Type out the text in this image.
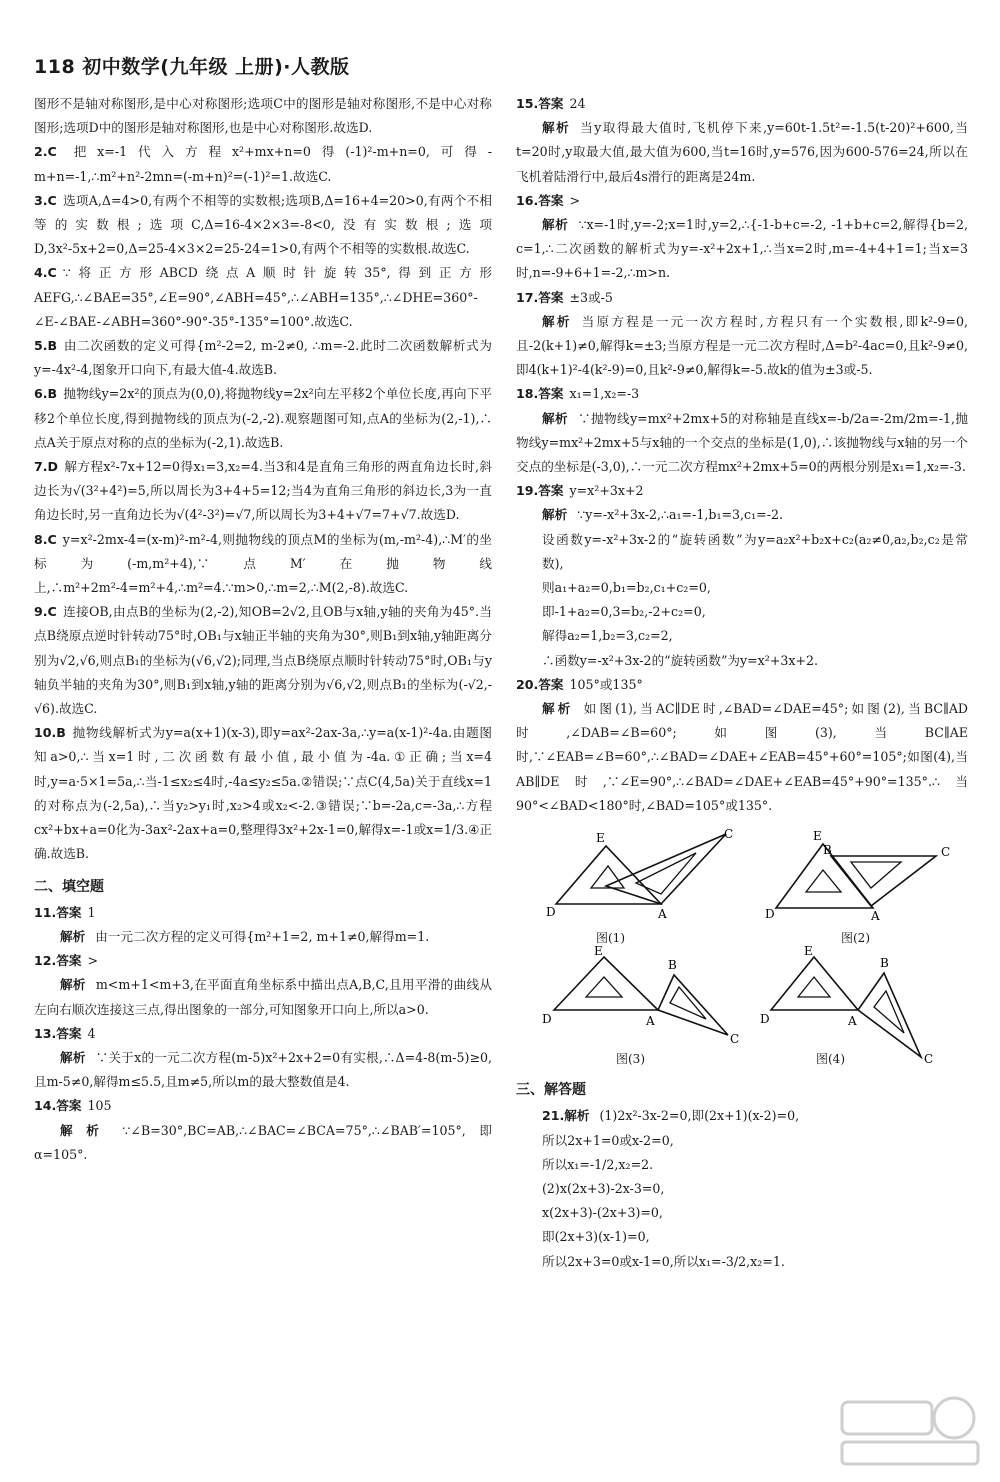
118 初中数学(九年级 上册)·人教版

图形不是轴对称图形,是中心对称图形;选项C中的图形是轴对称图形,不是中心对称图形;选项D中的图形是轴对称图形,也是中心对称图形.故选D.

2.C 把x=-1代入方程x²+mx+n=0得(-1)²-m+n=0,可得-m+n=-1,∴m²+n²-2mn=(-m+n)²=(-1)²=1.故选C.

3.C 选项A,Δ=4>0,有两个不相等的实数根;选项B,Δ=16+4=20>0,有两个不相等的实数根;选项C,Δ=16-4×2×3=-8<0,没有实数根;选项D,3x²-5x+2=0,Δ=25-4×3×2=25-24=1>0,有两个不相等的实数根.故选C.

4.C ∵将正方形ABCD绕点A顺时针旋转35°,得到正方形AEFG,∴∠BAE=35°,∠E=90°,∠ABH=45°,∴∠ABH=135°,∴∠DHE=360°-∠E-∠BAE-∠ABH=360°-90°-35°-135°=100°.故选C.

5.B 由二次函数的定义可得{m²-2=2, m-2≠0, ∴m=-2.此时二次函数解析式为y=-4x²-4,图象开口向下,有最大值-4.故选B.

6.B 抛物线y=2x²的顶点为(0,0),将抛物线y=2x²向左平移2个单位长度,再向下平移2个单位长度,得到抛物线的顶点为(-2,-2).观察题图可知,点A的坐标为(2,-1),∴点A关于原点对称的点的坐标为(-2,1).故选B.

7.D 解方程x²-7x+12=0得x₁=3,x₂=4.当3和4是直角三角形的两直角边长时,斜边长为√(3²+4²)=5,所以周长为3+4+5=12;当4为直角三角形的斜边长,3为一直角边长时,另一直角边长为√(4²-3²)=√7,所以周长为3+4+√7=7+√7.故选D.

8.C y=x²-2mx-4=(x-m)²-m²-4,则抛物线的顶点M的坐标为(m,-m²-4),∴M′的坐标为(-m,m²+4),∵点M′在抛物线上,∴m²+2m²-4=m²+4,∴m²=4.∵m>0,∴m=2,∴M(2,-8).故选C.

9.C 连接OB,由点B的坐标为(2,-2),知OB=2√2,且OB与x轴,y轴的夹角为45°.当点B绕原点逆时针转动75°时,OB₁与x轴正半轴的夹角为30°,则B₁到x轴,y轴距离分别为√2,√6,则点B₁的坐标为(√6,√2);同理,当点B绕原点顺时针转动75°时,OB₁与y轴负半轴的夹角为30°,则B₁到x轴,y轴的距离分别为√6,√2,则点B₁的坐标为(-√2,-√6).故选C.

10.B 抛物线解析式为y=a(x+1)(x-3),即y=ax²-2ax-3a,∴y=a(x-1)²-4a.由题图知a>0,∴当x=1时,二次函数有最小值,最小值为-4a.①正确;当x=4时,y=a·5×1=5a,∴当-1≤x₂≤4时,-4a≤y₂≤5a.②错误;∵点C(4,5a)关于直线x=1的对称点为(-2,5a),∴当y₂>y₁时,x₂>4或x₂<-2.③错误;∵b=-2a,c=-3a,∴方程cx²+bx+a=0化为-3ax²-2ax+a=0,整理得3x²+2x-1=0,解得x=-1或x=1/3.④正确.故选B.

二、填空题

11.答案 1

解析 由一元二次方程的定义可得{m²+1=2, m+1≠0,解得m=1.

12.答案 >

解析 m<m+1<m+3,在平面直角坐标系中描出点A,B,C,且用平滑的曲线从左向右顺次连接这三点,得出图象的一部分,可知图象开口向上,所以a>0.

13.答案 4

解析 ∵关于x的一元二次方程(m-5)x²+2x+2=0有实根,∴Δ=4-8(m-5)≥0,且m-5≠0,解得m≤5.5,且m≠5,所以m的最大整数值是4.

14.答案 105

解析 ∵∠B=30°,BC=AB,∴∠BAC=∠BCA=75°,∴∠BAB′=105°,即α=105°.

15.答案 24

解析 当y取得最大值时,飞机停下来,y=60t-1.5t²=-1.5(t-20)²+600,当t=20时,y取最大值,最大值为600,当t=16时,y=576,因为600-576=24,所以在飞机着陆滑行中,最后4s滑行的距离是24m.

16.答案 >

解析 ∵x=-1时,y=-2;x=1时,y=2,∴{-1-b+c=-2, -1+b+c=2,解得{b=2, c=1,∴二次函数的解析式为y=-x²+2x+1,∴当x=2时,m=-4+4+1=1;当x=3时,n=-9+6+1=-2,∴m>n.

17.答案 ±3或-5

解析 当原方程是一元一次方程时,方程只有一个实数根,即k²-9=0,且-2(k+1)≠0,解得k=±3;当原方程是一元二次方程时,Δ=b²-4ac=0,且k²-9≠0,即4(k+1)²-4(k²-9)=0,且k²-9≠0,解得k=-5.故k的值为±3或-5.

18.答案 x₁=1,x₂=-3

解析 ∵抛物线y=mx²+2mx+5的对称轴是直线x=-b/2a=-2m/2m=-1,抛物线y=mx²+2mx+5与x轴的一个交点的坐标是(1,0),∴该抛物线与x轴的另一个交点的坐标是(-3,0),∴一元二次方程mx²+2mx+5=0的两根分别是x₁=1,x₂=-3.

19.答案 y=x²+3x+2

解析 ∵y=-x²+3x-2,∴a₁=-1,b₁=3,c₁=-2.

设函数y=-x²+3x-2的“旋转函数”为y=a₂x²+b₂x+c₂(a₂≠0,a₂,b₂,c₂是常数),

则a₁+a₂=0,b₁=b₂,c₁+c₂=0,

即-1+a₂=0,3=b₂,-2+c₂=0,

解得a₂=1,b₂=3,c₂=2,

∴函数y=-x²+3x-2的“旋转函数”为y=x²+3x+2.

20.答案 105°或135°

解析 如图(1),当AC∥DE时,∠BAD=∠DAE=45°;如图(2),当BC∥AD时,∠DAB=∠B=60°;如图(3),当BC∥AE时,∵∠EAB=∠B=60°,∴∠BAD=∠DAE+∠EAB=45°+60°=105°;如图(4),当AB∥DE时,∵∠E=90°,∴∠BAD=∠DAE+∠EAB=45°+90°=135°.∴当90°<∠BAD<180°时,∠BAD=105°或135°.

E	C
D	A
图(1)
E
B	C
D	A
图(2)
E
B
D	A
C
图(3)
E
B
D	A
C
图(4)
三、解答题

21.解析 (1)2x²-3x-2=0,即(2x+1)(x-2)=0,

所以2x+1=0或x-2=0,

所以x₁=-1/2,x₂=2.

(2)x(2x+3)-2x-3=0,

x(2x+3)-(2x+3)=0,

即(2x+3)(x-1)=0,

所以2x+3=0或x-1=0,所以x₁=-3/2,x₂=1.
